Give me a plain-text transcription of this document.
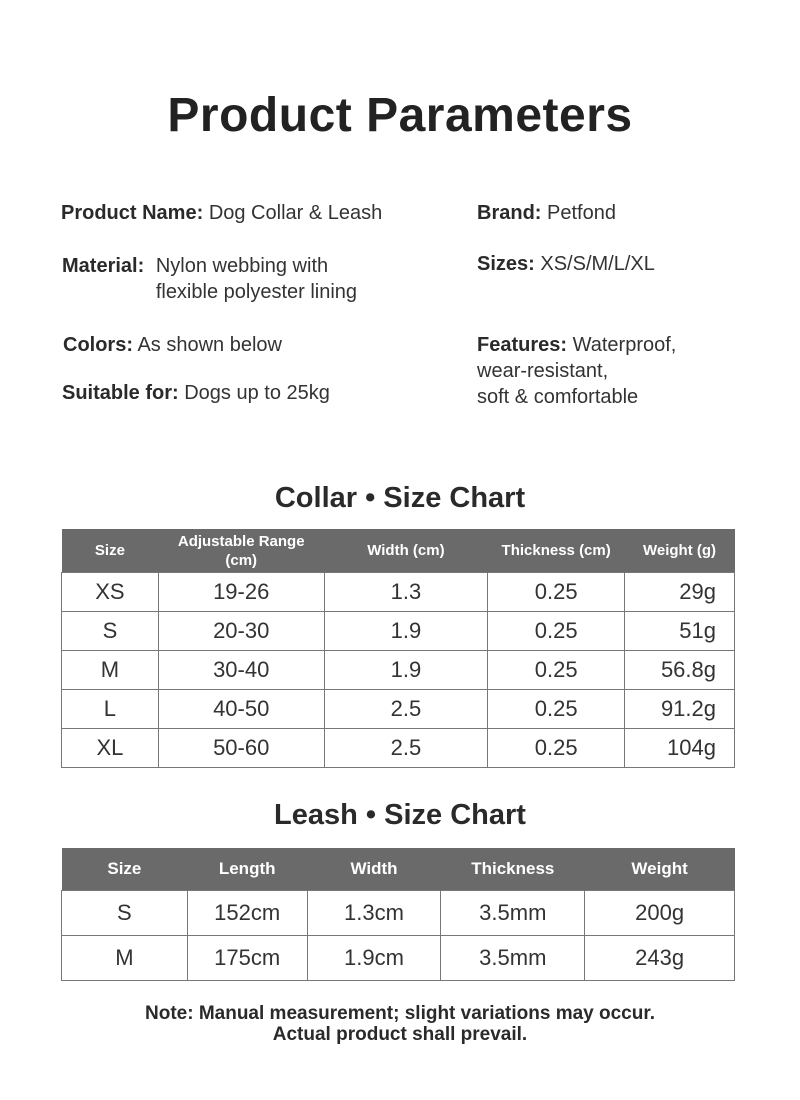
Product Parameters
Product Name: Dog Collar & Leash	Brand: Petfond
Material: Nylon webbing with
flexible polyester lining
Sizes: XS/S/M/L/XL
Colors: As shown below	Features: Waterproof,
wear-resistant,
soft & comfortable
Suitable for: Dogs up to 25kg
Collar • Size Chart
Size	Adjustable Range (cm)	Width (cm)	Thickness (cm)	Weight (g)
XS	19-26	1.3	0.25	29g
S	20-30	1.9	0.25	51g
M	30-40	1.9	0.25	56.8g
L	40-50	2.5	0.25	91.2g
XL	50-60	2.5	0.25	104g
Leash • Size Chart
Size	Length	Width	Thickness	Weight
S	152cm	1.3cm	3.5mm	200g
M	175cm	1.9cm	3.5mm	243g
Note: Manual measurement; slight variations may occur.
Actual product shall prevail.
